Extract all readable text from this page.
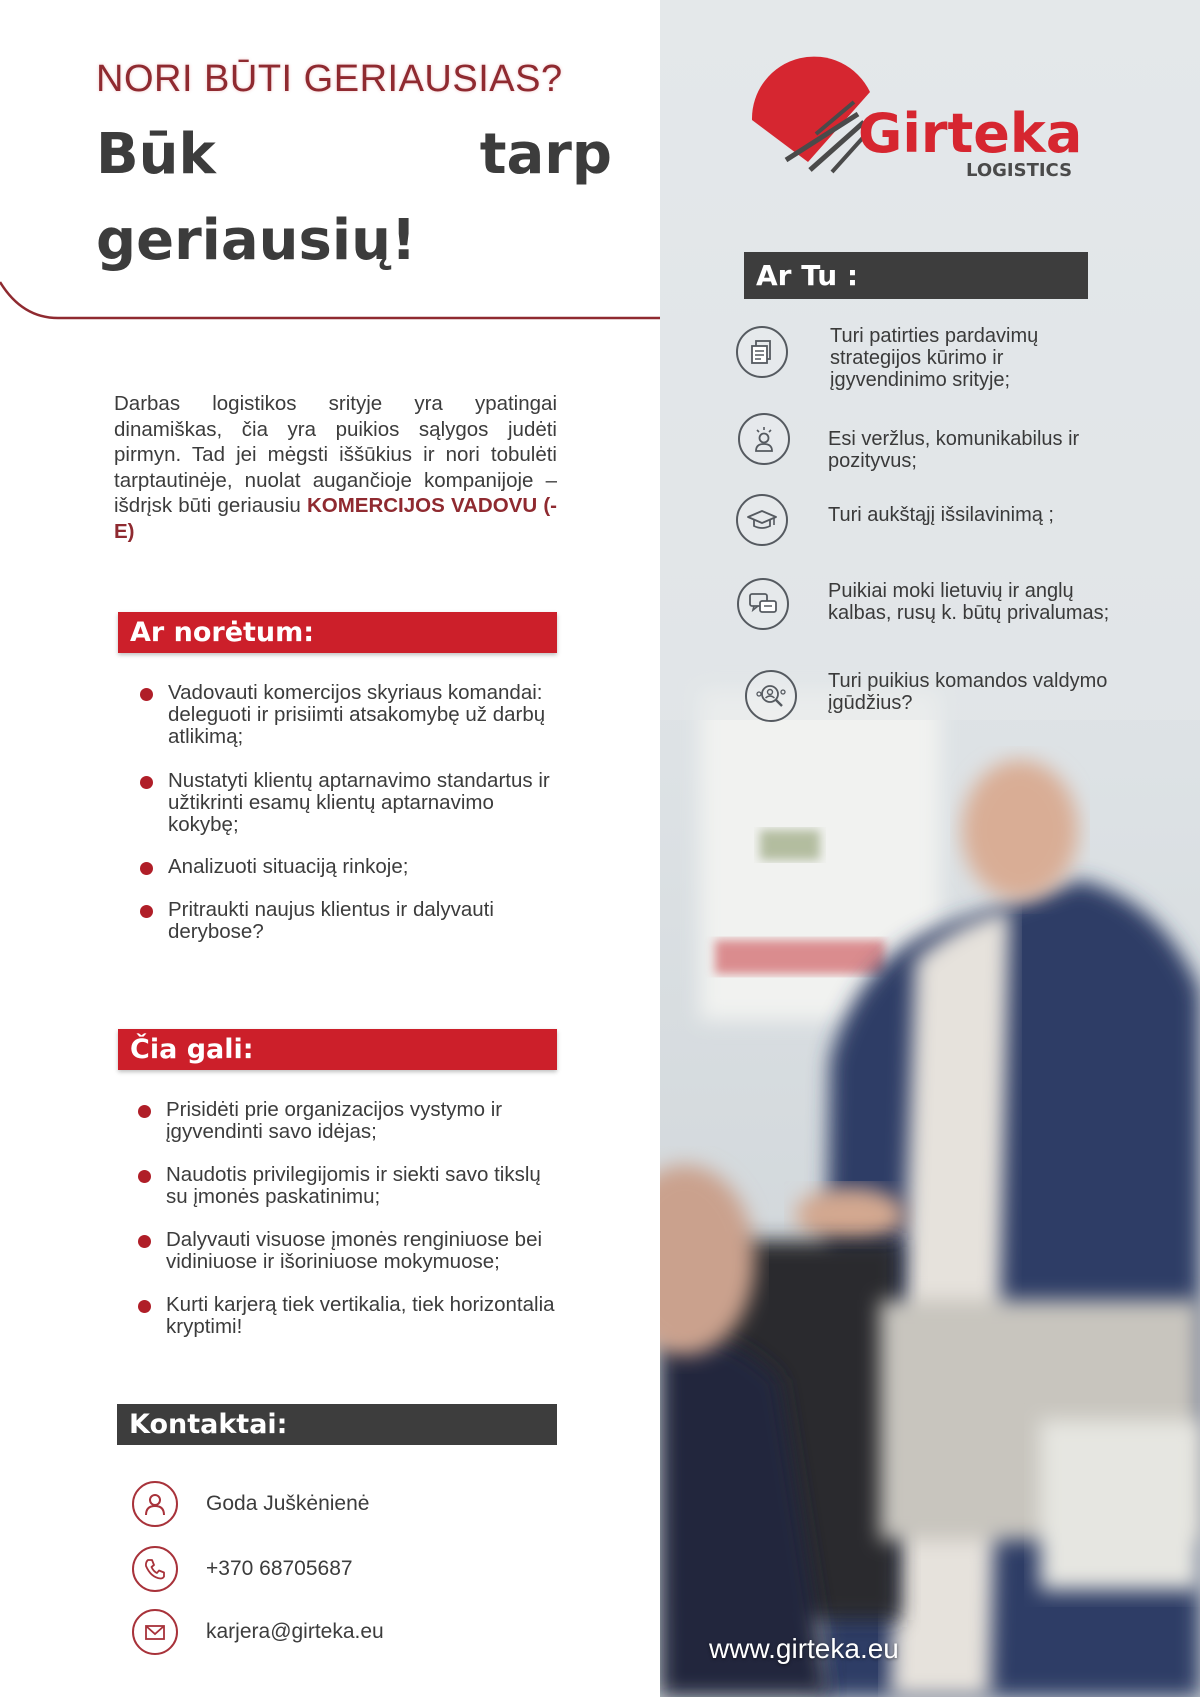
NORI BŪTI GERIAUSIAS?
Būk	tarp
geriausių!
Darbas logistikos srityje yra ypatingai dinamiškas, čia yra puikios sąlygos judėti pirmyn. Tad jei mėgsti iššūkius ir nori tobulėti tarptautinėje, nuolat augančioje kompanijoje – išdrįsk būti geriausiu KOMERCIJOS VADOVU (-E)
Ar norėtum:
Vadovauti komercijos skyriaus komandai: deleguoti ir prisiimti atsakomybę už darbų atlikimą;
Nustatyti klientų aptarnavimo standartus ir užtikrinti esamų klientų aptarnavimo kokybę;
Analizuoti situaciją rinkoje;
Pritraukti naujus klientus ir dalyvauti derybose?
Čia gali:
Prisidėti prie organizacijos vystymo ir įgyvendinti savo idėjas;
Naudotis privilegijomis ir siekti savo tikslų su įmonės paskatinimu;
Dalyvauti visuose įmonės renginiuose bei vidiniuose ir išoriniuose mokymuose;
Kurti karjerą tiek vertikalia, tiek horizontalia kryptimi!
Kontaktai:
Goda Juškėnienė
+370 68705687
karjera@girteka.eu
Girteka
LOGISTICS
Ar Tu :
Turi patirties pardavimų strategijos kūrimo ir įgyvendinimo srityje;
Esi veržlus, komunikabilus ir pozityvus;
Turi aukštąjį išsilavinimą ;
Puikiai moki lietuvių ir anglų kalbas, rusų k. būtų privalumas;
Turi puikius komandos valdymo įgūdžius?
www.girteka.eu
